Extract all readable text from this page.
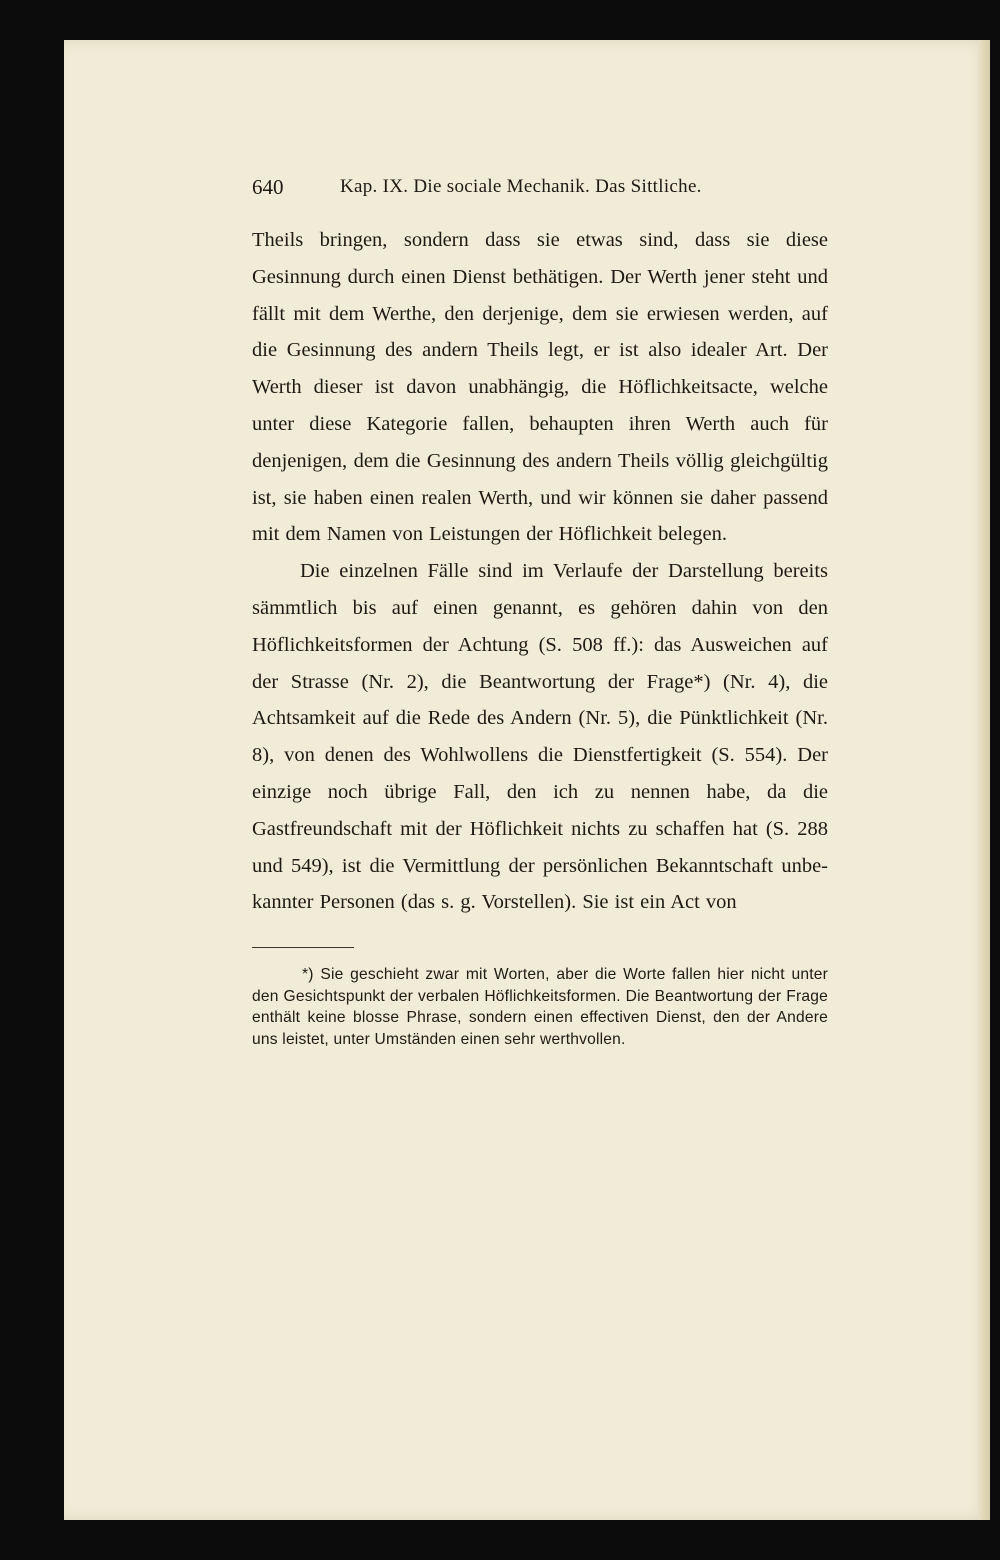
640	Kap. IX. Die sociale Mechanik. Das Sittliche.

Theils bringen, sondern dass sie etwas sind, dass sie diese Gesinnung durch einen Dienst bethätigen. Der Werth jener steht und fällt mit dem Werthe, den derjenige, dem sie erwiesen werden, auf die Gesinnung des andern Theils legt, er ist also idealer Art. Der Werth dieser ist davon unabhängig, die Höflichkeitsacte, welche unter diese Kategorie fallen, behaupten ihren Werth auch für denjenigen, dem die Gesinnung des andern Theils völlig gleichgültig ist, sie haben einen realen Werth, und wir können sie daher passend mit dem Namen von Leistungen der Höflichkeit belegen.

Die einzelnen Fälle sind im Verlaufe der Darstellung bereits sämmtlich bis auf einen genannt, es gehören dahin von den Höflichkeitsformen der Achtung (S. 508 ff.): das Ausweichen auf der Strasse (Nr. 2), die Beantwortung der Frage*) (Nr. 4), die Achtsamkeit auf die Rede des Andern (Nr. 5), die Pünktlichkeit (Nr. 8), von denen des Wohlwollens die Dienstfertigkeit (S. 554). Der einzige noch übrige Fall, den ich zu nennen habe, da die Gastfreundschaft mit der Höflichkeit nichts zu schaffen hat (S. 288 und 549), ist die Vermittlung der persönlichen Bekanntschaft unbekannter Personen (das s. g. Vorstellen). Sie ist ein Act von

*) Sie geschieht zwar mit Worten, aber die Worte fallen hier nicht unter den Gesichtspunkt der verbalen Höflichkeitsformen. Die Beantwortung der Frage enthält keine blosse Phrase, sondern einen effectiven Dienst, den der Andere uns leistet, unter Umständen einen sehr werthvollen.
